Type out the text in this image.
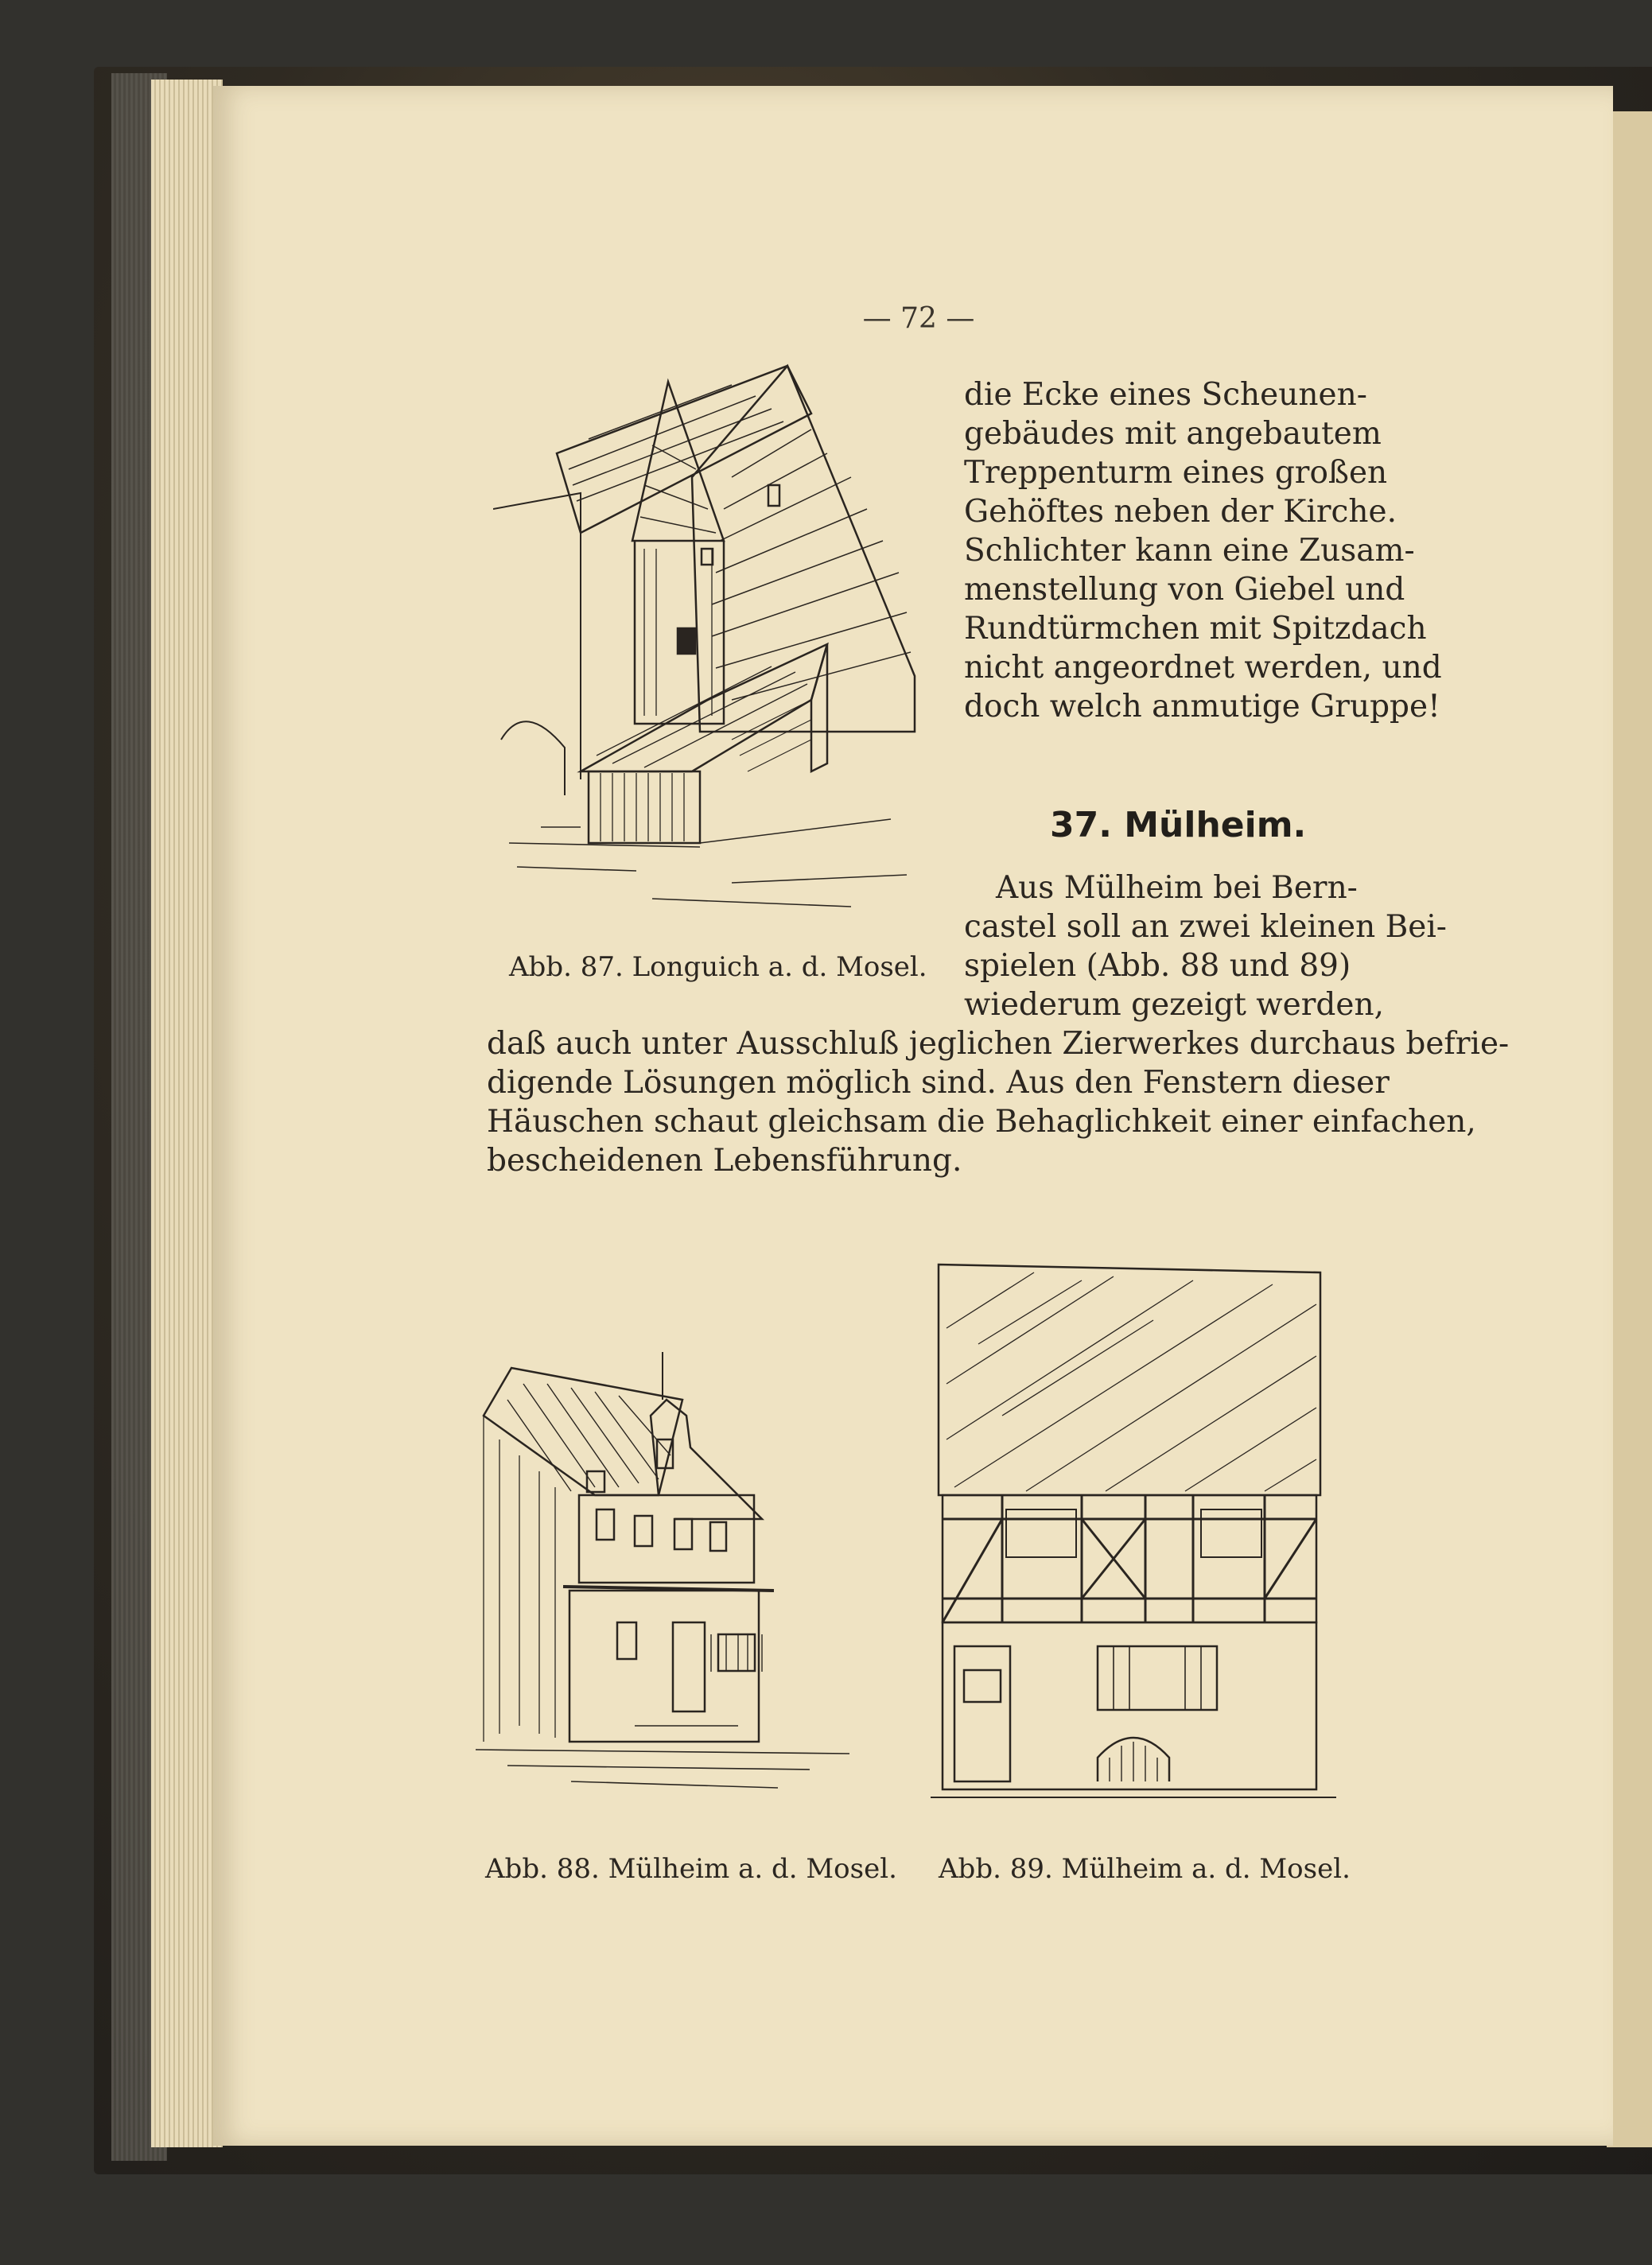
— 72 —
die Ecke eines Scheunen-
gebäudes mit angebautem
Treppenturm eines großen
Gehöftes neben der Kirche.
Schlichter kann eine Zusam-
menstellung von Giebel und
Rundtürmchen mit Spitzdach
nicht angeordnet werden, und
doch welch anmutige Gruppe!
37. Mülheim.
Aus Mülheim bei Bern-
castel soll an zwei kleinen Bei-
spielen (Abb. 88 und 89)
wiederum gezeigt werden,
daß auch unter Ausschluß jeglichen Zierwerkes durchaus befrie-
digende Lösungen möglich sind. Aus den Fenstern dieser
Häuschen schaut gleichsam die Behaglichkeit einer einfachen,
bescheidenen Lebensführung.
Abb. 87. Longuich a. d. Mosel.
Abb. 88. Mülheim a. d. Mosel. Abb. 89. Mülheim a. d. Mosel.
